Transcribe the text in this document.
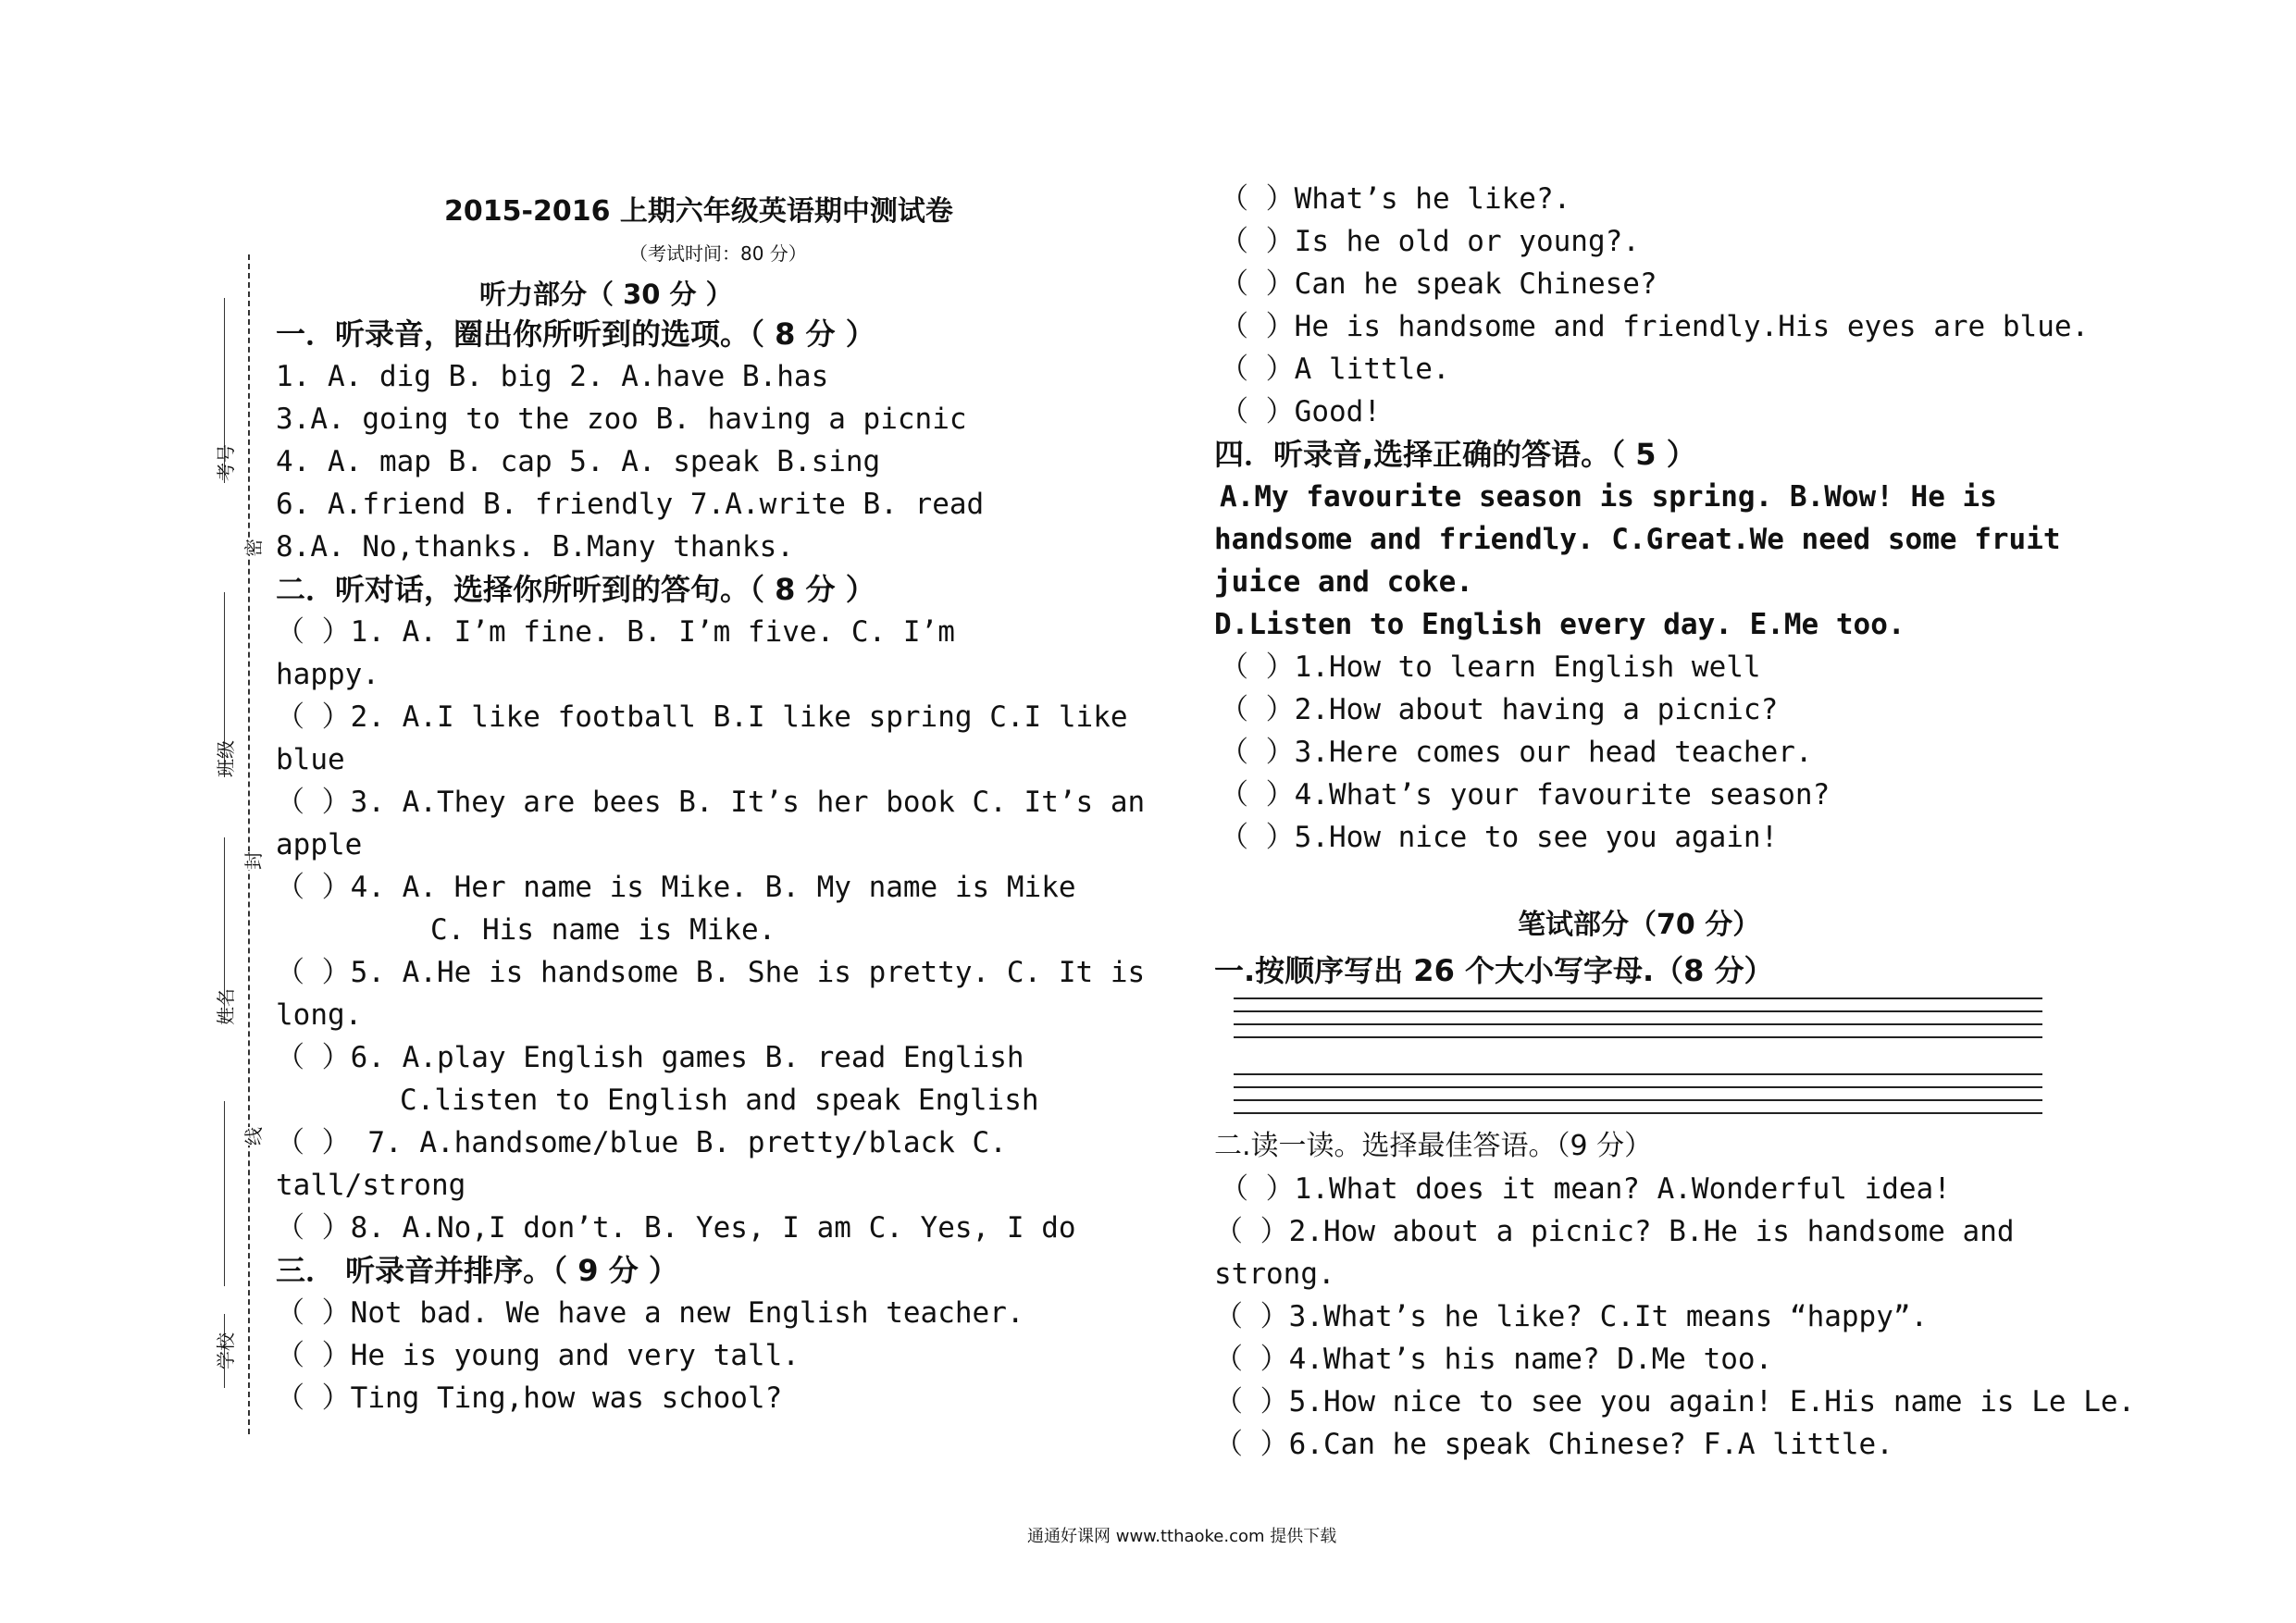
考号
密
班级
封
姓名
线
学校
2015-2016 上期六年级英语期中测试卷
（考试时间：80 分）
听力部分（ 30 分 ）
一．听录音，圈出你所听到的选项。（ 8 分 ）
1. A. dig B. big 2. A.have B.has
3.A. going to the zoo B. having a picnic
4. A. map B. cap 5. A. speak B.sing
6. A.friend B. friendly 7.A.write B. read
8.A. No,thanks. B.Many thanks.
二．听对话，选择你所听到的答句。（ 8 分 ）
（ ）1. A. I’m fine. B. I’m five. C. I’m
happy.
（ ）2. A.I like football B.I like spring C.I like
blue
（ ）3. A.They are bees B. It’s her book C. It’s an
apple
（ ）4. A. Her name is Mike. B. My name is Mike
C. His name is Mike.
（ ）5. A.He is handsome B. She is pretty. C. It is
long.
（ ）6. A.play English games B. read English
C.listen to English and speak English
（ ） 7. A.handsome/blue B. pretty/black C.
tall/strong
（ ）8. A.No,I don’t. B. Yes, I am C. Yes, I do
三． 听录音并排序。（ 9 分 ）
（ ）Not bad. We have a new English teacher.
（ ）He is young and very tall.
（ ）Ting Ting,how was school?
（ ）What’s he like?.
（ ）Is he old or young?.
（ ）Can he speak Chinese?
（ ）He is handsome and friendly.His eyes are blue.
（ ）A little.
（ ）Good!
四．听录音,选择正确的答语。（ 5 ）
A.My favourite season is spring. B.Wow! He is
handsome and friendly. C.Great.We need some fruit
juice and coke.
D.Listen to English every day. E.Me too.
（ ）1.How to learn English well
（ ）2.How about having a picnic?
（ ）3.Here comes our head teacher.
（ ）4.What’s your favourite season?
（ ）5.How nice to see you again!
笔试部分（70 分）
一.按顺序写出 26 个大小写字母.（8 分）
二.读一读。选择最佳答语。（9 分）
（ ）1.What does it mean? A.Wonderful idea!
（ ）2.How about a picnic? B.He is handsome and
strong.
（ ）3.What’s he like? C.It means “happy”.
（ ）4.What’s his name? D.Me too.
（ ）5.How nice to see you again! E.His name is Le Le.
（ ）6.Can he speak Chinese? F.A little.
通通好课网 www.tthaoke.com 提供下载
